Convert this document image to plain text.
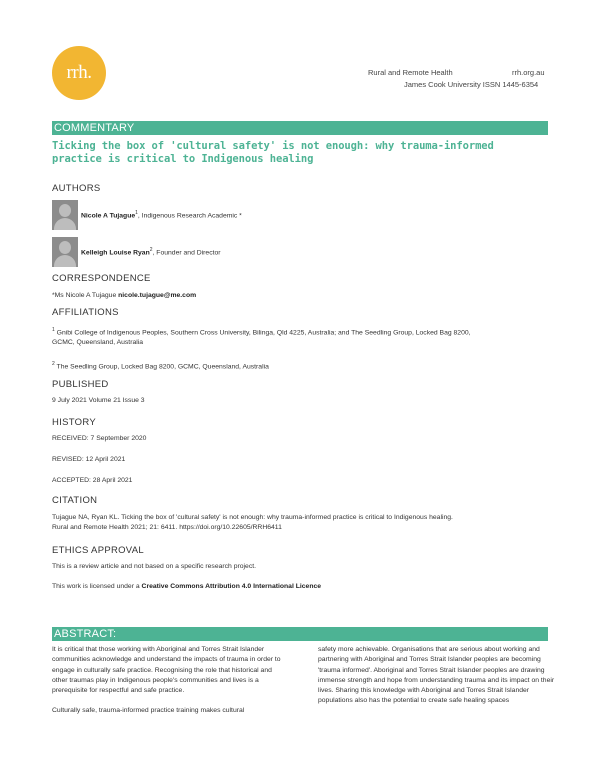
rrh.	Rural and Remote Health	rrh.org.au
James Cook University ISSN 1445-6354
COMMENTARY
Ticking the box of 'cultural safety' is not enough: why trauma-informed
practice is critical to Indigenous healing
AUTHORS
Nicole A Tujague$^1$, Indigenous Research Academic *
Kelleigh Louise Ryan$^2$, Founder and Director
CORRESPONDENCE
*Ms Nicole A Tujague nicole.tujague@me.com
AFFILIATIONS
$^1$ Gnibi College of Indigenous Peoples, Southern Cross University, Bilinga, Qld 4225, Australia; and The Seedling Group, Locked Bag 8200,
GCMC, Queensland, Australia
$^2$ The Seedling Group, Locked Bag 8200, GCMC, Queensland, Australia
PUBLISHED
9 July 2021 Volume 21 Issue 3
HISTORY
RECEIVED: 7 September 2020
REVISED: 12 April 2021
ACCEPTED: 28 April 2021
CITATION
Tujague NA, Ryan KL. Ticking the box of 'cultural safety' is not enough: why trauma-informed practice is critical to Indigenous healing.
Rural and Remote Health 2021; 21: 6411. https://doi.org/10.22605/RRH6411
ETHICS APPROVAL
This is a review article and not based on a specific research project.
This work is licensed under a Creative Commons Attribution 4.0 International Licence
ABSTRACT:

It is critical that those working with Aboriginal and Torres Strait Islander communities acknowledge and understand the impacts of trauma in order to engage in culturally safe practice. Recognising the role that historical and other traumas play in Indigenous people's communities and lives is a prerequisite for respectful and safe practice.

Culturally safe, trauma-informed practice training makes cultural

safety more achievable. Organisations that are serious about working and partnering with Aboriginal and Torres Strait Islander peoples are becoming 'trauma informed'. Aboriginal and Torres Strait Islander peoples are drawing immense strength and hope from understanding trauma and its impact on their lives. Sharing this knowledge with Aboriginal and Torres Strait Islander populations also has the potential to create safe healing spaces
